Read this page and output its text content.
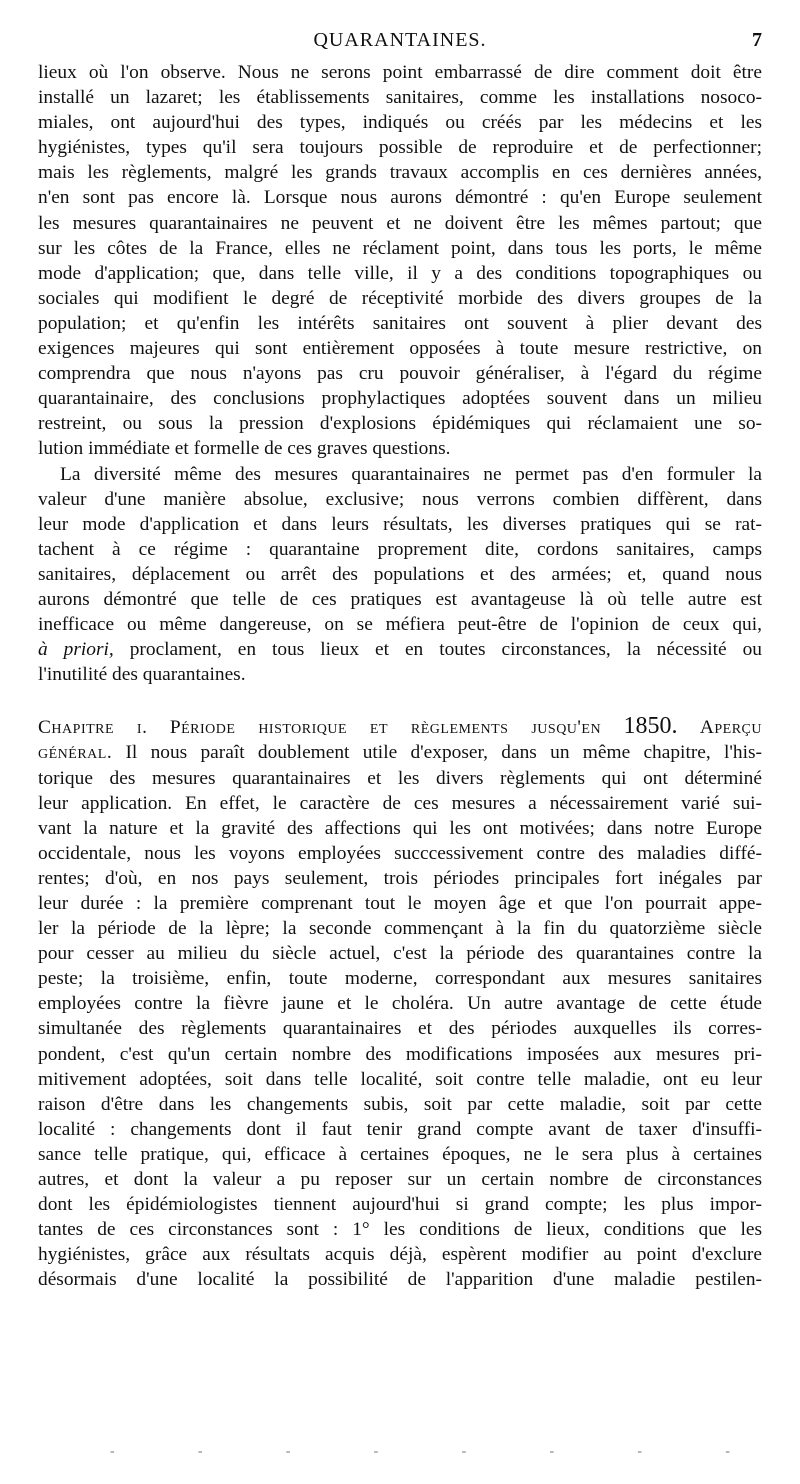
QUARANTAINES.	7
lieux où l'on observe. Nous ne serons point embarrassé de dire comment doit être
installé un lazaret; les établissements sanitaires, comme les installations nosoco-
miales, ont aujourd'hui des types, indiqués ou créés par les médecins et les
hygiénistes, types qu'il sera toujours possible de reproduire et de perfectionner;
mais les règlements, malgré les grands travaux accomplis en ces dernières années,
n'en sont pas encore là. Lorsque nous aurons démontré : qu'en Europe seulement
les mesures quarantainaires ne peuvent et ne doivent être les mêmes partout; que
sur les côtes de la France, elles ne réclament point, dans tous les ports, le même
mode d'application; que, dans telle ville, il y a des conditions topographiques ou
sociales qui modifient le degré de réceptivité morbide des divers groupes de la
population; et qu'enfin les intérêts sanitaires ont souvent à plier devant des
exigences majeures qui sont entièrement opposées à toute mesure restrictive, on
comprendra que nous n'ayons pas cru pouvoir généraliser, à l'égard du régime
quarantainaire, des conclusions prophylactiques adoptées souvent dans un milieu
restreint, ou sous la pression d'explosions épidémiques qui réclamaient une so-
lution immédiate et formelle de ces graves questions.
La diversité même des mesures quarantainaires ne permet pas d'en formuler la
valeur d'une manière absolue, exclusive; nous verrons combien diffèrent, dans
leur mode d'application et dans leurs résultats, les diverses pratiques qui se rat-
tachent à ce régime : quarantaine proprement dite, cordons sanitaires, camps
sanitaires, déplacement ou arrêt des populations et des armées; et, quand nous
aurons démontré que telle de ces pratiques est avantageuse là où telle autre est
inefficace ou même dangereuse, on se méfiera peut-être de l'opinion de ceux qui,
à priori, proclament, en tous lieux et en toutes circonstances, la nécessité ou
l'inutilité des quarantaines.
Chapitre i. Période historique et règlements jusqu'en 1850. Aperçu
général. Il nous paraît doublement utile d'exposer, dans un même chapitre, l'his-
torique des mesures quarantainaires et les divers règlements qui ont déterminé
leur application. En effet, le caractère de ces mesures a nécessairement varié sui-
vant la nature et la gravité des affections qui les ont motivées; dans notre Europe
occidentale, nous les voyons employées succcessivement contre des maladies diffé-
rentes; d'où, en nos pays seulement, trois périodes principales fort inégales par
leur durée : la première comprenant tout le moyen âge et que l'on pourrait appe-
ler la période de la lèpre; la seconde commençant à la fin du quatorzième siècle
pour cesser au milieu du siècle actuel, c'est la période des quarantaines contre la
peste; la troisième, enfin, toute moderne, correspondant aux mesures sanitaires
employées contre la fièvre jaune et le choléra. Un autre avantage de cette étude
simultanée des règlements quarantainaires et des périodes auxquelles ils corres-
pondent, c'est qu'un certain nombre des modifications imposées aux mesures pri-
mitivement adoptées, soit dans telle localité, soit contre telle maladie, ont eu leur
raison d'être dans les changements subis, soit par cette maladie, soit par cette
localité : changements dont il faut tenir grand compte avant de taxer d'insuffi-
sance telle pratique, qui, efficace à certaines époques, ne le sera plus à certaines
autres, et dont la valeur a pu reposer sur un certain nombre de circonstances
dont les épidémiologistes tiennent aujourd'hui si grand compte; les plus impor-
tantes de ces circonstances sont : 1° les conditions de lieux, conditions que les
hygiénistes, grâce aux résultats acquis déjà, espèrent modifier au point d'exclure
désormais d'une localité la possibilité de l'apparition d'une maladie pestilen-
-	-	-	-	-	-	-	-
